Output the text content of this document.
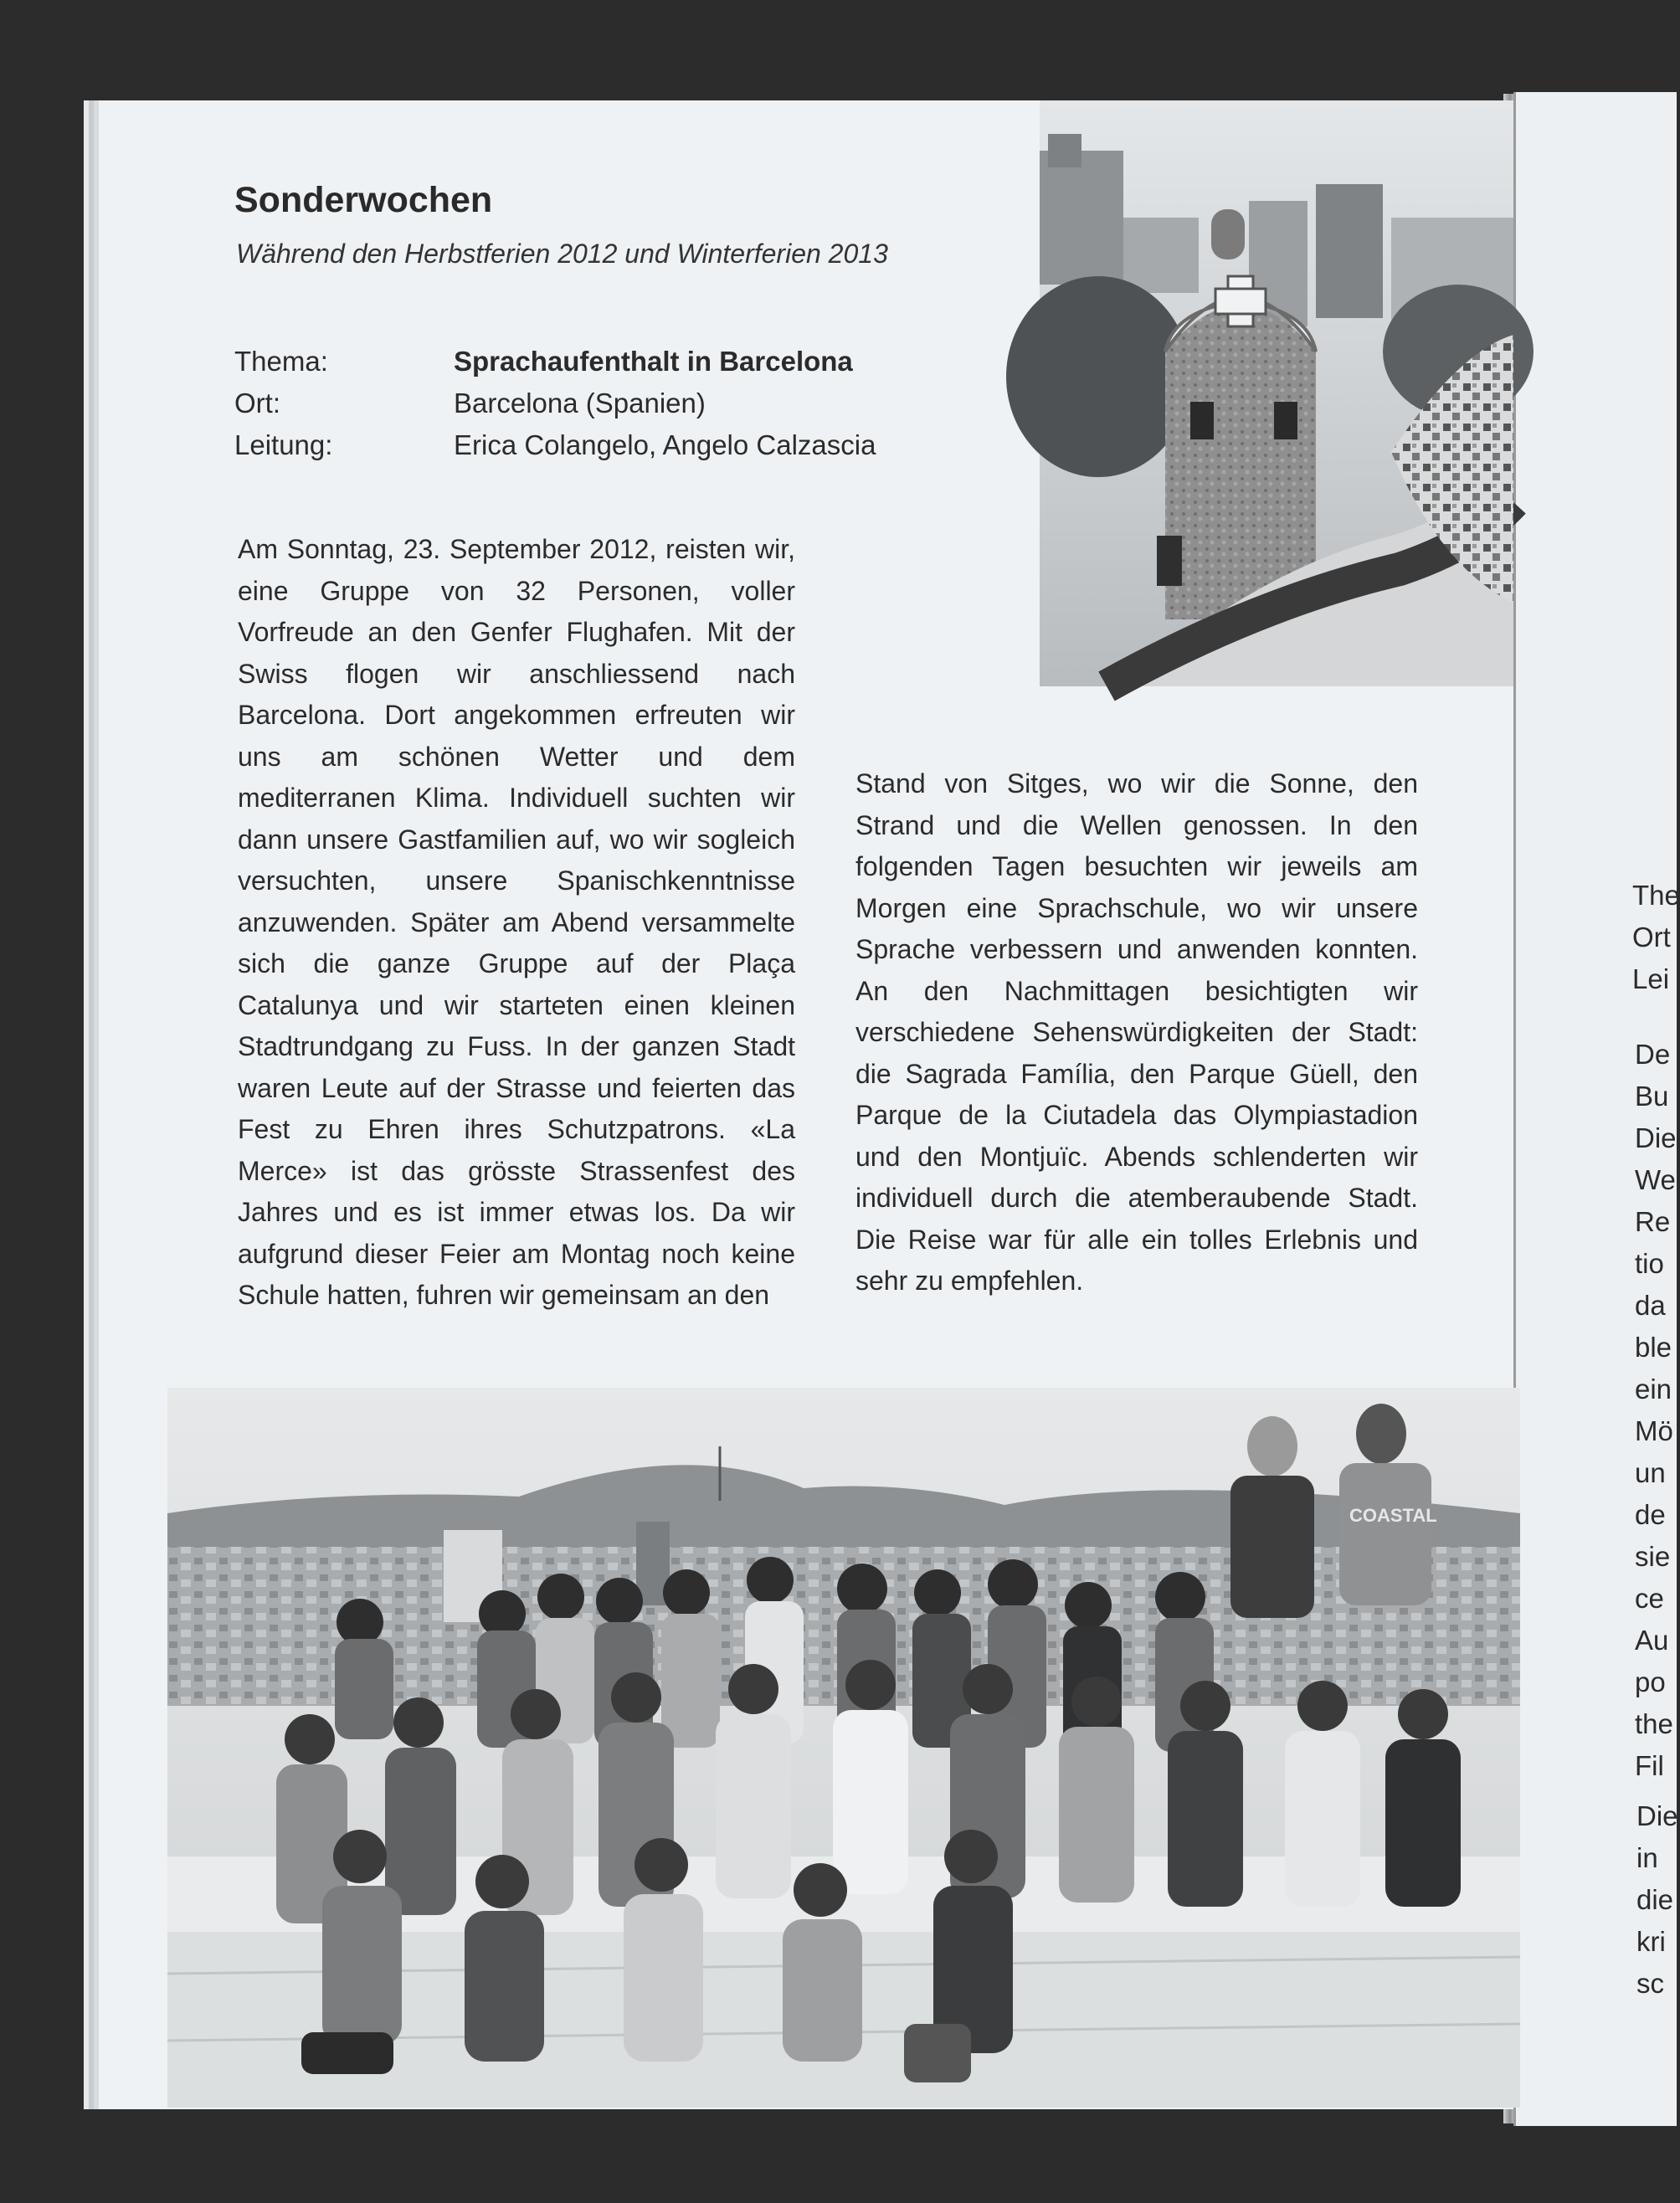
Sonderwochen

Während den Herbstferien 2012 und Winterferien 2013

Thema:	Sprachaufenthalt in Barcelona
Ort:	Barcelona (Spanien)
Leitung:	Erica Colangelo, Angelo Calzascia

Am Sonntag, 23. September 2012, reisten wir, eine Gruppe von 32 Personen, voller Vorfreude an den Genfer Flughafen. Mit der Swiss flogen wir anschliessend nach Barcelona. Dort angekommen erfreuten wir uns am schönen Wetter und dem mediterranen Klima. Individuell suchten wir dann unsere Gastfamilien auf, wo wir sogleich versuchten, unsere Spanischkenntnisse anzuwenden. Später am Abend versammelte sich die ganze Gruppe auf der Plaça Catalunya und wir starteten einen kleinen Stadtrundgang zu Fuss. In der ganzen Stadt waren Leute auf der Strasse und feierten das Fest zu Ehren ihres Schutzpatrons. «La Merce» ist das grösste Strassenfest des Jahres und es ist immer etwas los. Da wir aufgrund dieser Feier am Montag noch keine Schule hatten, fuhren wir gemeinsam an den

Stand von Sitges, wo wir die Sonne, den Strand und die Wellen genossen. In den folgenden Tagen besuchten wir jeweils am Morgen eine Sprachschule, wo wir unsere Sprache verbessern und anwenden konnten. An den Nachmittagen besichtigten wir verschiedene Sehenswürdigkeiten der Stadt: die Sagrada Família, den Parque Güell, den Parque de la Ciutadela das Olympiastadion und den Montjuïc. Abends schlenderten wir individuell durch die atemberaubende Stadt. Die Reise war für alle ein tolles Erlebnis und sehr zu empfehlen.

COASTAL
The
Ort
Lei
De
Bu
Die
We
Re
tio
da
ble
ein
Mö
un
de
sie
ce
Au
po
the
Fil
Die
in
die
kri
sc
